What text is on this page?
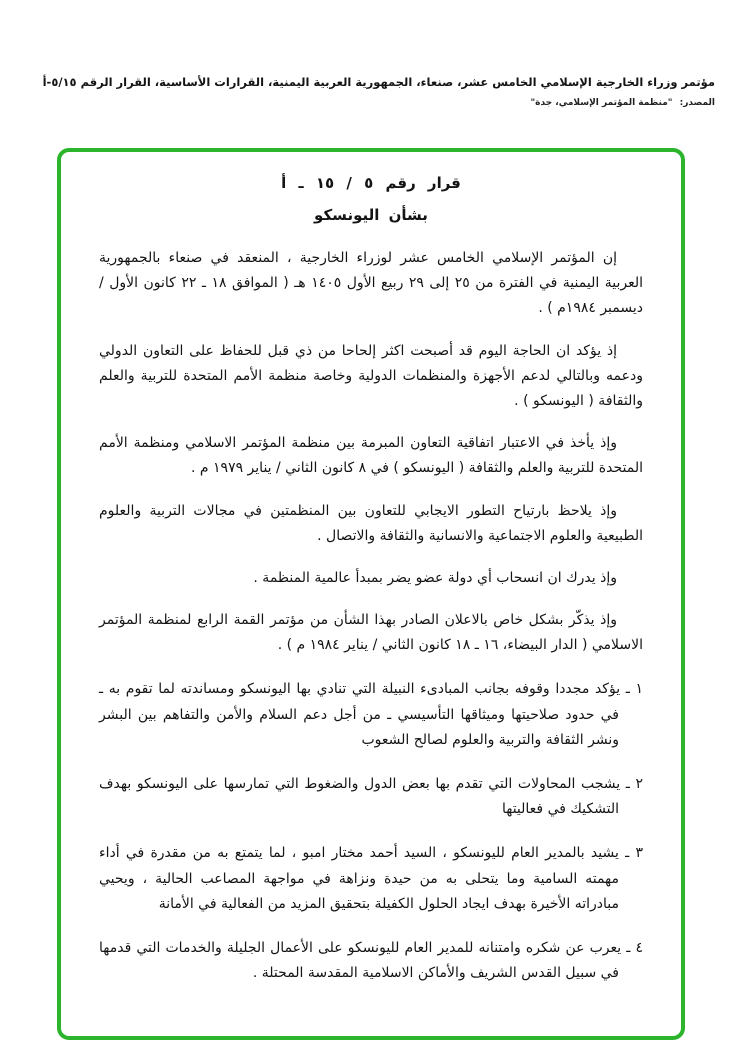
مؤتمر وزراء الخارجية الإسلامي الخامس عشر، صنعاء، الجمهورية العربية اليمنية، القرارات الأساسية، القرار الرقم ٥/١٥-أ
المصدر: "منظمة المؤتمر الإسلامي، جدة"
قرار رقم ٥ / ١٥ ـ أ
بشأن اليونسكو

إن المؤتمر الإسلامي الخامس عشر لوزراء الخارجية ، المنعقد في صنعاء بالجمهورية العربية اليمنية في الفترة من ٢٥ إلى ٢٩ ربيع الأول ١٤٠٥ هـ ( الموافق ١٨ ـ ٢٢ كانون الأول / ديسمبر ١٩٨٤م ) .

إذ يؤكد ان الحاجة اليوم قد أصبحت اكثر إلحاحا من ذي قبل للحفاظ على التعاون الدولي ودعمه وبالتالي لدعم الأجهزة والمنظمات الدولية وخاصة منظمة الأمم المتحدة للتربية والعلم والثقافة ( اليونسكو ) .

وإذ يأخذ في الاعتبار اتفاقية التعاون المبرمة بين منظمة المؤتمر الاسلامي ومنظمة الأمم المتحدة للتربية والعلم والثقافة ( اليونسكو ) في ٨ كانون الثاني / يناير ١٩٧٩ م .

وإذ يلاحظ بارتياح التطور الايجابي للتعاون بين المنظمتين في مجالات التربية والعلوم الطبيعية والعلوم الاجتماعية والانسانية والثقافة والاتصال .

وإذ يدرك ان انسحاب أي دولة عضو يضر بمبدأ عالمية المنظمة .

وإذ يذكّر بشكل خاص بالاعلان الصادر بهذا الشأن من مؤتمر القمة الرابع لمنظمة المؤتمر الاسلامي ( الدار البيضاء، ١٦ ـ ١٨ كانون الثاني / يناير ١٩٨٤ م ) .

١ ـ يؤكد مجددا وقوفه بجانب المبادىء النبيلة التي تنادي بها اليونسكو ومساندته لما تقوم به ـ في حدود صلاحيتها وميثاقها التأسيسي ـ من أجل دعم السلام والأمن والتفاهم بين البشر ونشر الثقافة والتربية والعلوم لصالح الشعوب

٢ ـ يشجب المحاولات التي تقدم بها بعض الدول والضغوط التي تمارسها على اليونسكو بهدف التشكيك في فعاليتها

٣ ـ يشيد بالمدير العام لليونسكو ، السيد أحمد مختار امبو ، لما يتمتع به من مقدرة في أداء مهمته السامية وما يتحلى به من حيدة ونزاهة في مواجهة المصاعب الحالية ، ويحيي مبادراته الأخيرة بهدف ايجاد الحلول الكفيلة بتحقيق المزيد من الفعالية في الأمانة

٤ ـ يعرب عن شكره وامتنانه للمدير العام لليونسكو على الأعمال الجليلة والخدمات التي قدمها في سبيل القدس الشريف والأماكن الاسلامية المقدسة المحتلة .
